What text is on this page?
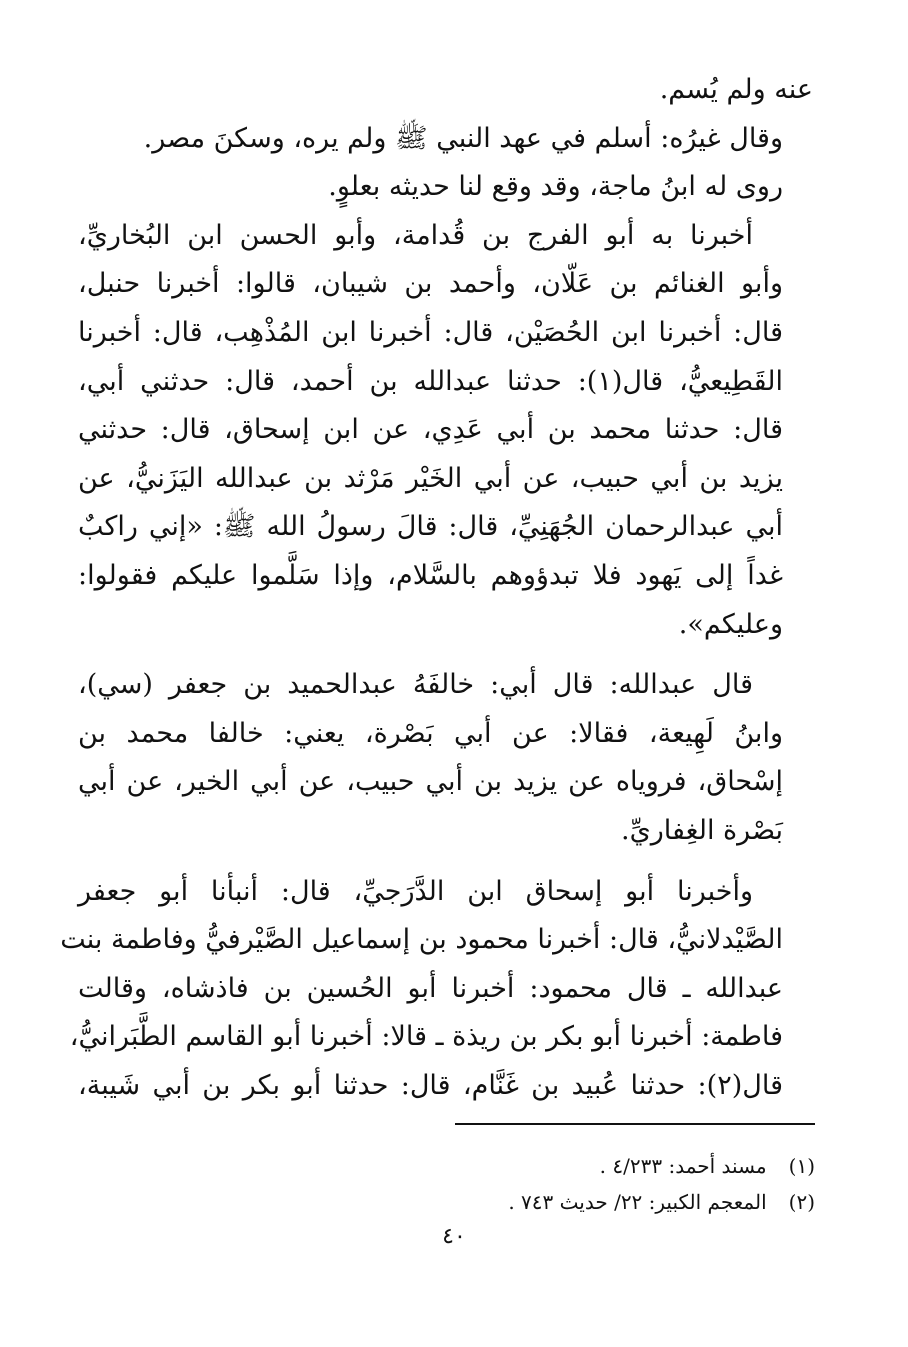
عنه ولم يُسم.
وقال غيرُه: أسلم في عهد النبي ﷺ ولم يره، وسكنَ مصر.
روى له ابنُ ماجة، وقد وقع لنا حديثه بعلوٍ.
أخبرنا به أبو الفرج بن قُدامة، وأبو الحسن ابن البُخاريِّ،
وأبو الغنائم بن عَلّان، وأحمد بن شيبان، قالوا: أخبرنا حنبل،
قال: أخبرنا ابن الحُصَيْن، قال: أخبرنا ابن المُذْهِب، قال: أخبرنا
القَطِيعيُّ، قال(١): حدثنا عبدالله بن أحمد، قال: حدثني أبي،
قال: حدثنا محمد بن أبي عَدِي، عن ابن إسحاق، قال: حدثني
يزيد بن أبي حبيب، عن أبي الخَيْر مَرْثد بن عبدالله اليَزَنيُّ، عن
أبي عبدالرحمان الجُهَنِيِّ، قال: قالَ رسولُ الله ﷺ: «إني راكبٌ
غداً إلى يَهود فلا تبدؤوهم بالسَّلام، وإذا سَلَّموا عليكم فقولوا:
وعليكم».
قال عبدالله: قال أبي: خالفَهُ عبدالحميد بن جعفر (سي)،
وابنُ لَهِيعة، فقالا: عن أبي بَصْرة، يعني: خالفا محمد بن
إسْحاق، فروياه عن يزيد بن أبي حبيب، عن أبي الخير، عن أبي
بَصْرة الغِفاريِّ.
وأخبرنا أبو إسحاق ابن الدَّرَجيِّ، قال: أنبأنا أبو جعفر
الصَّيْدلانيُّ، قال: أخبرنا محمود بن إسماعيل الصَّيْرفيُّ وفاطمة بنت
عبدالله ـ قال محمود: أخبرنا أبو الحُسين بن فاذشاه، وقالت
فاطمة: أخبرنا أبو بكر بن ريذة ـ قالا: أخبرنا أبو القاسم الطَّبَرانيُّ،
قال(٢): حدثنا عُبيد بن غَنَّام، قال: حدثنا أبو بكر بن أبي شَيبة،
(١) مسند أحمد: ٤/٢٣٣ .
(٢) المعجم الكبير: ٢٢/ حديث ٧٤٣ .
٤٠
